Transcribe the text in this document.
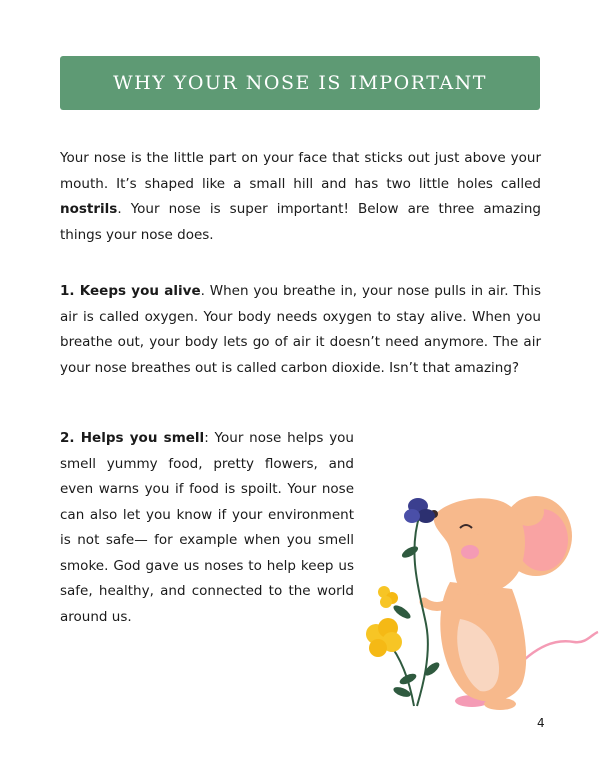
WHY YOUR NOSE IS IMPORTANT

Your nose is the little part on your face that sticks out just above your mouth. It’s shaped like a small hill and has two little holes called nostrils. Your nose is super important! Below are three amazing things your nose does.

1. Keeps you alive. When you breathe in, your nose pulls in air. This air is called oxygen. Your body needs oxygen to stay alive. When you breathe out, your body lets go of air it doesn’t need anymore. The air your nose breathes out is called carbon dioxide. Isn’t that amazing?

2. Helps you smell: Your nose helps you smell yummy food, pretty flowers, and even warns you if food is spoilt. Your nose can also let you know if your environment is not safe— for example when you smell smoke. God gave us noses to help keep us safe, healthy, and connected to the world around us.

4
